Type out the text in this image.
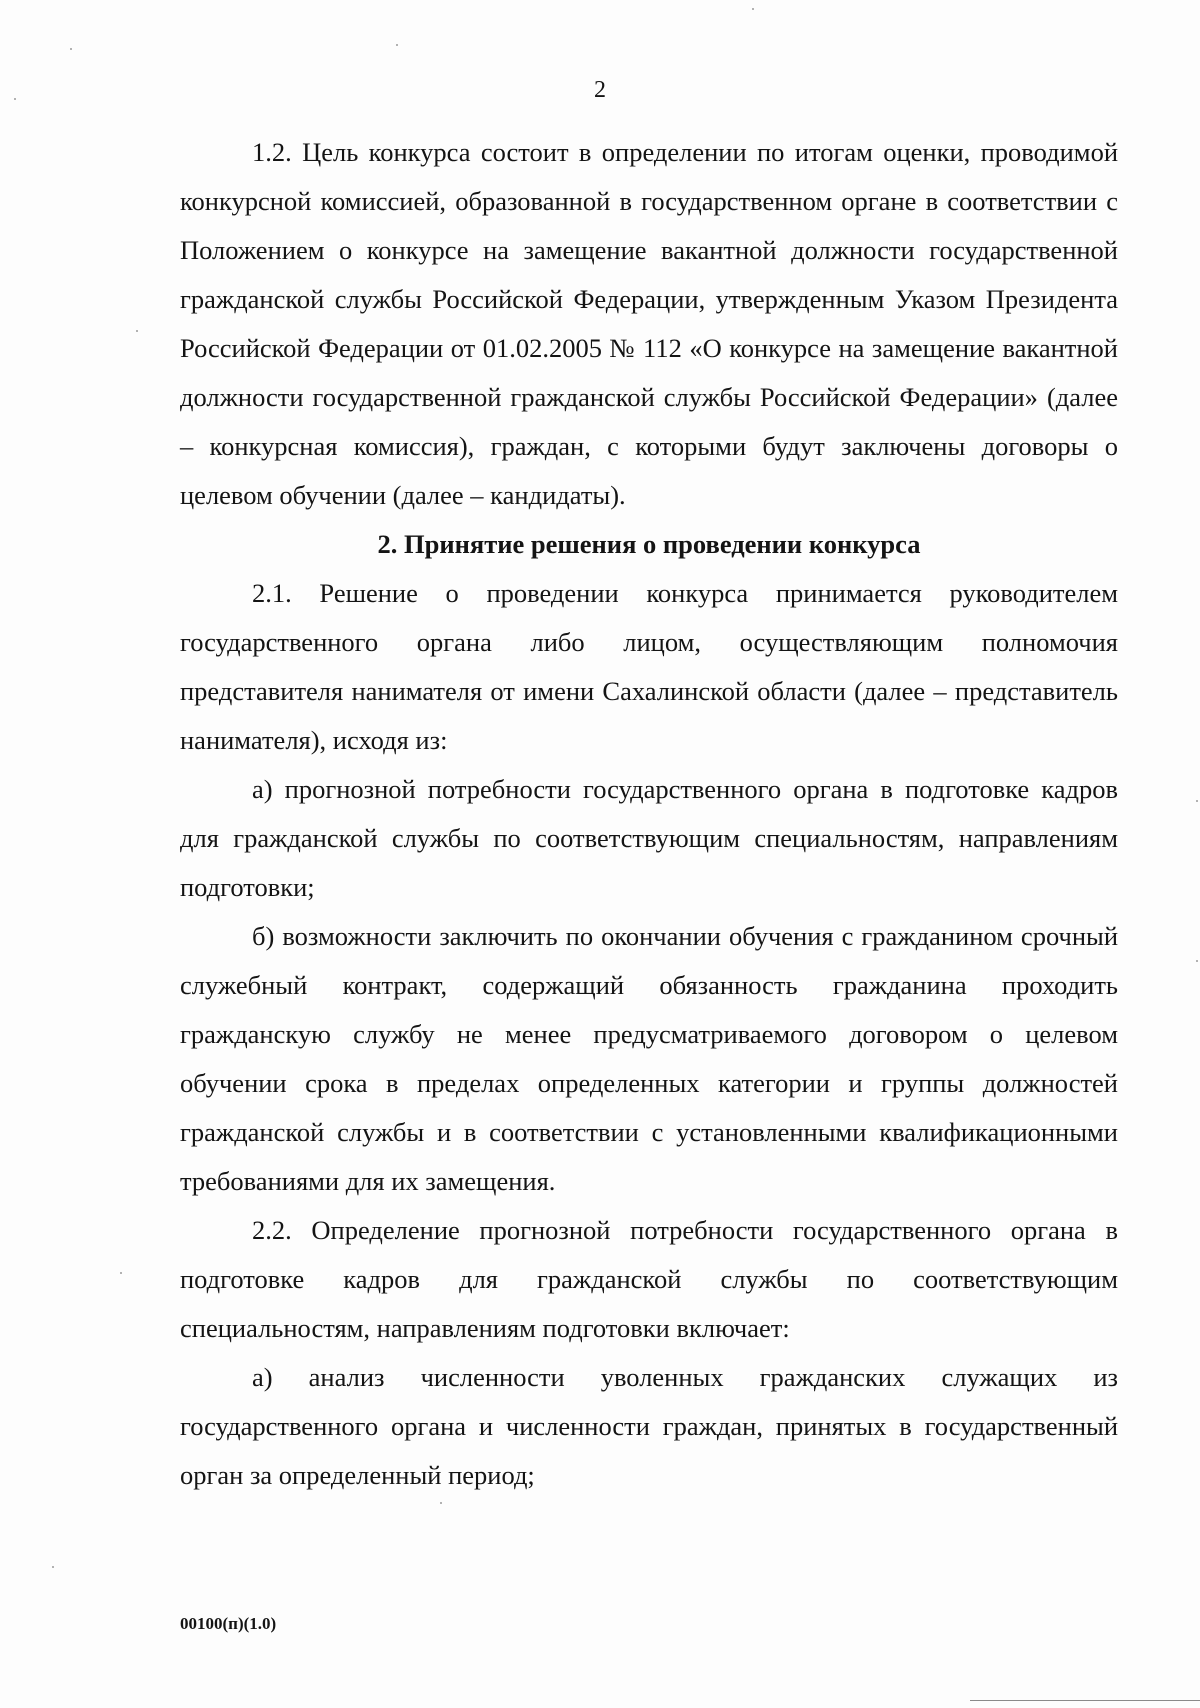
2

1.2. Цель конкурса состоит в определении по итогам оценки, проводимой конкурсной комиссией, образованной в государственном органе в соответствии с Положением о конкурсе на замещение вакантной должности государственной гражданской службы Российской Федерации, утвержденным Указом Президента Российской Федерации от 01.02.2005 № 112 «О конкурсе на замещение вакантной должности государственной гражданской службы Российской Федерации» (далее – конкурсная комиссия), граждан, с которыми будут заключены договоры о целевом обучении (далее – кандидаты).

2. Принятие решения о проведении конкурса

2.1. Решение о проведении конкурса принимается руководителем государственного органа либо лицом, осуществляющим полномочия представителя нанимателя от имени Сахалинской области (далее – представитель нанимателя), исходя из:

а) прогнозной потребности государственного органа в подготовке кадров для гражданской службы по соответствующим специальностям, направлениям подготовки;

б) возможности заключить по окончании обучения с гражданином срочный служебный контракт, содержащий обязанность гражданина проходить гражданскую службу не менее предусматриваемого договором о целевом обучении срока в пределах определенных категории и группы должностей гражданской службы и в соответствии с установленными квалификационными требованиями для их замещения.

2.2. Определение прогнозной потребности государственного органа в подготовке кадров для гражданской службы по соответствующим специальностям, направлениям подготовки включает:

а) анализ численности уволенных гражданских служащих из государственного органа и численности граждан, принятых в государственный орган за определенный период;

00100(п)(1.0)
